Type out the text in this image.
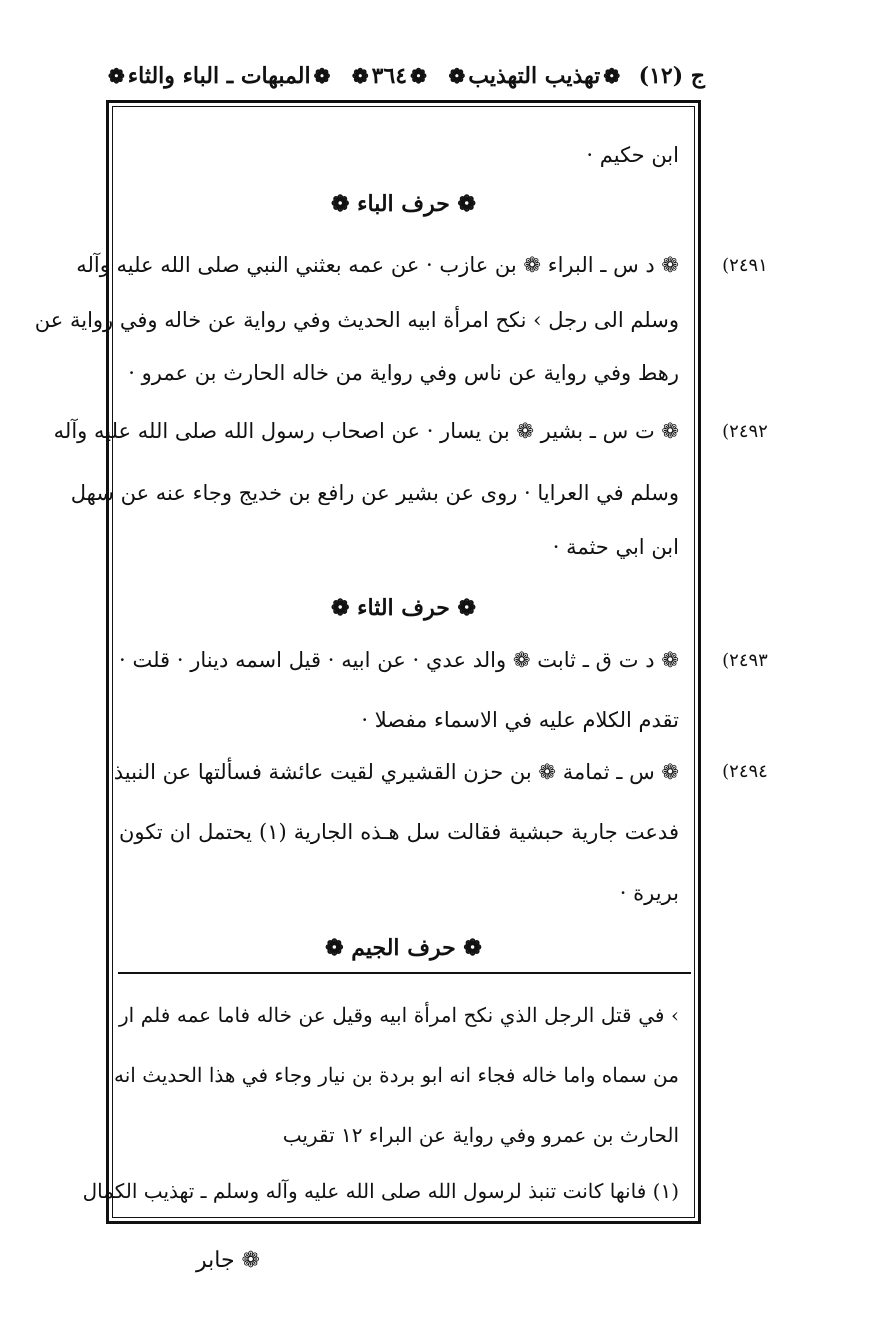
ج (١٢)
❁تهذيب التهذيب❁
❁٣٦٤❁
❁المبهات ـ الباء والثاء❁
ابن حكيم ·
❁ حرف الباء ❁
(٢٤٩١
❁ د س ـ البراء ❁ بن عازب · عن عمه بعثني النبي صلى الله عليه وآله
وسلم الى رجل › نكح امرأة ابيه الحديث وفي رواية عن خاله وفي رواية عن
رهط وفي رواية عن ناس وفي رواية من خاله الحارث بن عمرو ·
(٢٤٩٢
❁ ت س ـ بشير ❁ بن يسار · عن اصحاب رسول الله صلى الله عليه وآله
وسلم في العرايا · روى عن بشير عن رافع بن خديج وجاء عنه عن سهل
ابن ابي حثمة ·
❁ حرف الثاء ❁
(٢٤٩٣
❁ د ت ق ـ ثابت ❁ والد عدي · عن ابيه · قيل اسمه دينار · قلت ·
تقدم الكلام عليه في الاسماء مفصلا ·
(٢٤٩٤
❁ س ـ ثمامة ❁ بن حزن القشيري لقيت عائشة فسألتها عن النبيذ
فدعت جارية حبشية فقالت سل هـذه الجارية (١) يحتمل ان تكون
بريرة ·
❁ حرف الجيم ❁
› في قتل الرجل الذي نكح امرأة ابيه وقيل عن خاله فاما عمه فلم ار
من سماه واما خاله فجاء انه ابو بردة بن نيار وجاء في هذا الحديث انه
الحارث بن عمرو وفي رواية عن البراء ١٢ تقريب
(١) فانها كانت تنبذ لرسول الله صلى الله عليه وآله وسلم ـ تهذيب الكمال
❁ جابر
